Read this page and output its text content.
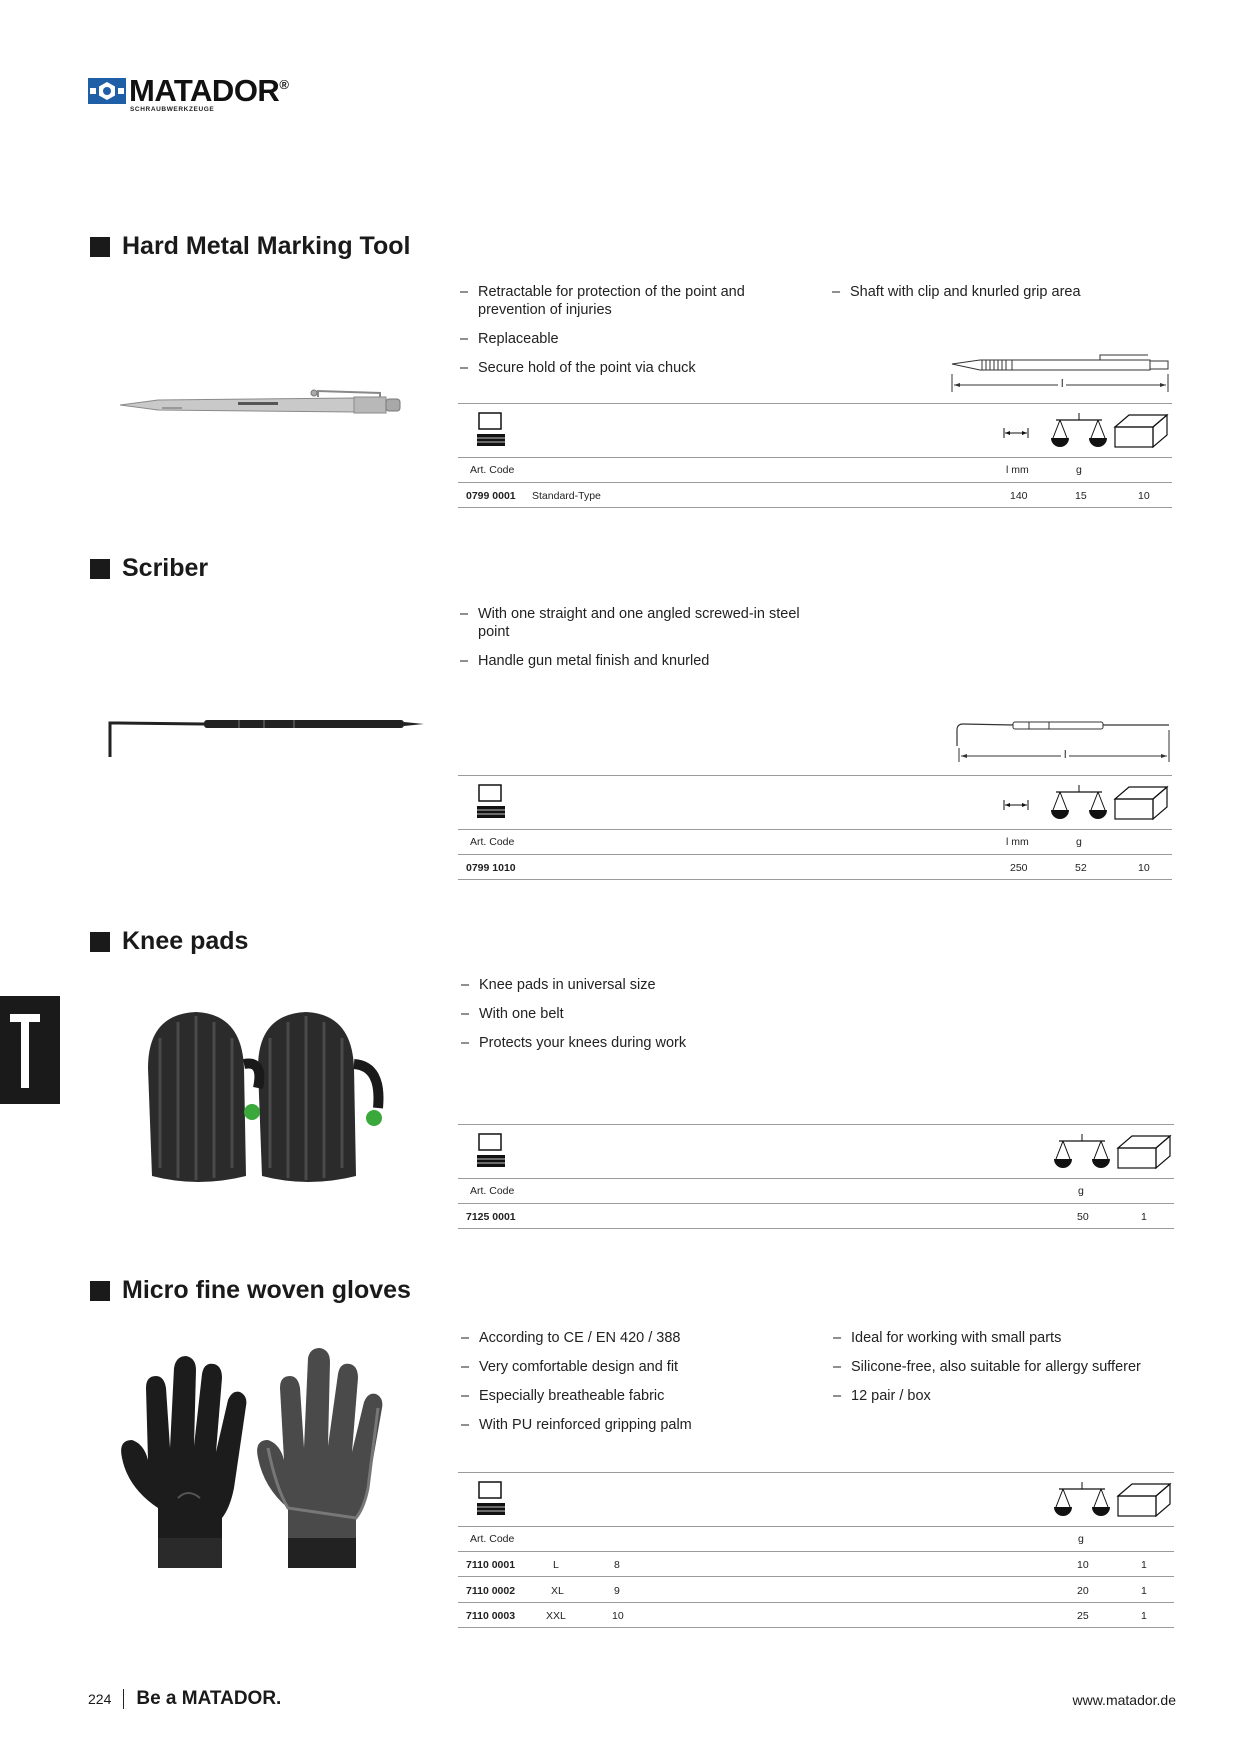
MATADOR ®
SCHRAUBWERKZEUGE
Hard Metal Marking Tool
– Retractable for protection of the point and prevention of injuries
– Replaceable
– Secure hold of the point via chuck
– Shaft with clip and knurled grip area
l
Art. Code	l mm	g
0799 0001 Standard-Type	140	15	10
Scriber
– With one straight and one angled screwed-in steel point
– Handle gun metal finish and knurled
l
Art. Code	l mm	g
0799 1010	250	52	10
Knee pads
– Knee pads in universal size
– With one belt
– Protects your knees during work
Art. Code	g
7125 0001	50	1
Micro fine woven gloves
– According to CE / EN 420 / 388
– Very comfortable design and fit
– Especially breatheable fabric
– With PU reinforced gripping palm
– Ideal for working with small parts
– Silicone-free, also suitable for allergy sufferer
– 12 pair / box
Art. Code	g
7110 0001	L	8	10	1
7110 0002	XL	9	20	1
7110 0003	XXL	10	25	1
224 Be a MATADOR.	www.matador.de
